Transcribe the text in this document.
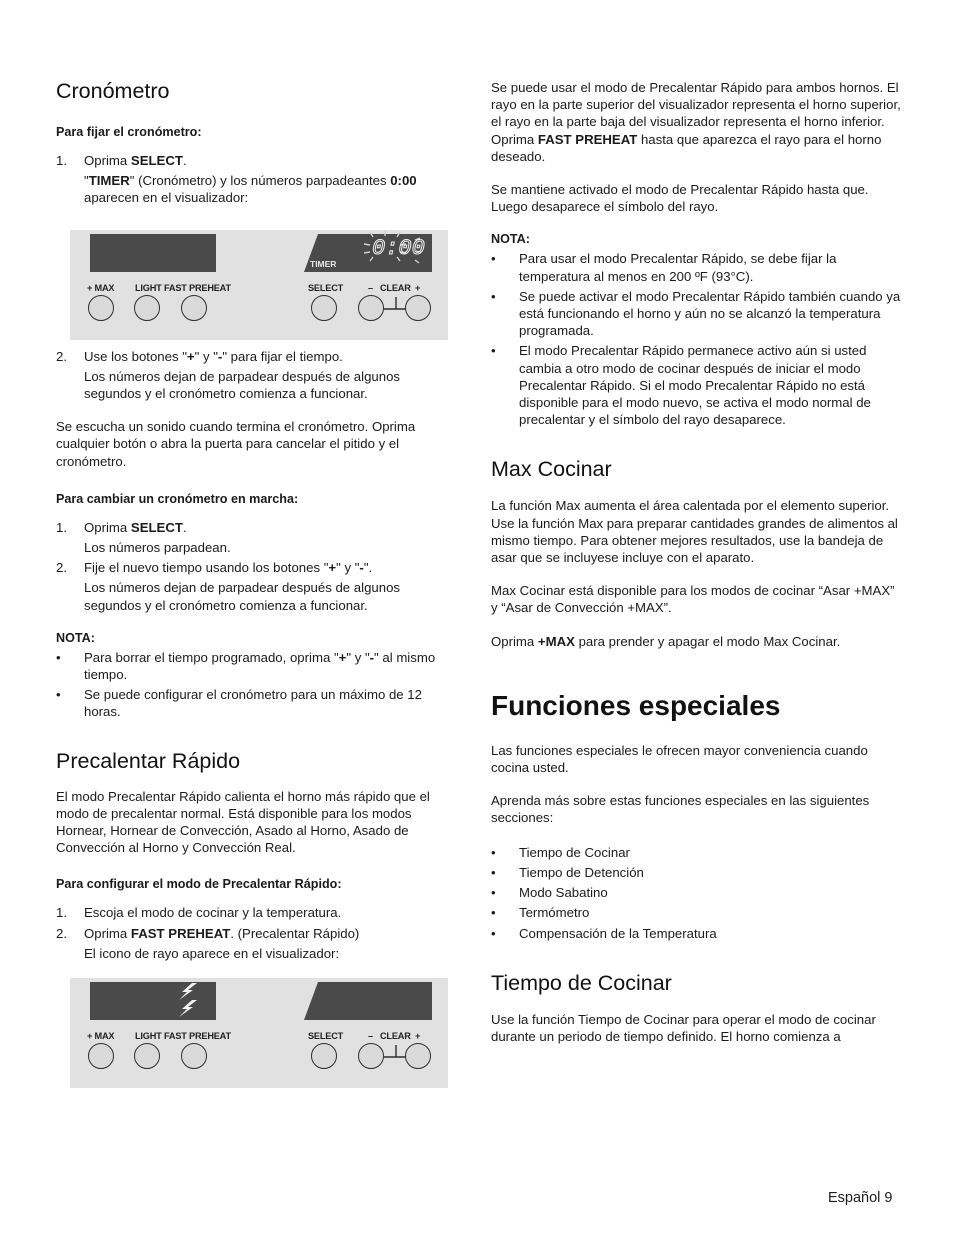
Cronómetro
Para fijar el cronómetro:
1. Oprima SELECT.
"TIMER" (Cronómetro) y los números parpadeantes 0:00 aparecen en el visualizador:
TIMER
0:00
+ MAX LIGHT FAST PREHEAT	SELECT	– CLEAR +
2. Use los botones "+" y "-" para fijar el tiempo.
Los números dejan de parpadear después de algunos segundos y el cronómetro comienza a funcionar.

Se escucha un sonido cuando termina el cronómetro. Oprima cualquier botón o abra la puerta para cancelar el pitido y el cronómetro.

Para cambiar un cronómetro en marcha:
1. Oprima SELECT.
Los números parpadean.
2. Fije el nuevo tiempo usando los botones "+" y "-".
Los números dejan de parpadear después de algunos segundos y el cronómetro comienza a funcionar.
NOTA:
• Para borrar el tiempo programado, oprima "+" y "-" al mismo tiempo.
• Se puede configurar el cronómetro para un máximo de 12 horas.
Precalentar Rápido

El modo Precalentar Rápido calienta el horno más rápido que el modo de precalentar normal. Está disponible para los modos Hornear, Hornear de Convección, Asado al Horno, Asado de Convección al Horno y Convección Real.

Para configurar el modo de Precalentar Rápido:
1. Escoja el modo de cocinar y la temperatura.
2. Oprima FAST PREHEAT. (Precalentar Rápido)
El icono de rayo aparece en el visualizador:
+ MAX LIGHT FAST PREHEAT	SELECT	– CLEAR +

Se puede usar el modo de Precalentar Rápido para ambos hornos. El rayo en la parte superior del visualizador representa el horno superior, el rayo en la parte baja del visualizador representa el horno inferior. Oprima FAST PREHEAT hasta que aparezca el rayo para el horno deseado.

Se mantiene activado el modo de Precalentar Rápido hasta que. Luego desaparece el símbolo del rayo.

NOTA:
• Para usar el modo Precalentar Rápido, se debe fijar la temperatura al menos en 200 ºF (93°C).
• Se puede activar el modo Precalentar Rápido también cuando ya está funcionando el horno y aún no se alcanzó la temperatura programada.
• El modo Precalentar Rápido permanece activo aún si usted cambia a otro modo de cocinar después de iniciar el modo Precalentar Rápido. Si el modo Precalentar Rápido no está disponible para el modo nuevo, se activa el modo normal de precalentar y el símbolo del rayo desaparece.
Max Cocinar

La función Max aumenta el área calentada por el elemento superior. Use la función Max para preparar cantidades grandes de alimentos al mismo tiempo. Para obtener mejores resultados, use la bandeja de asar que se incluyese incluye con el aparato.

Max Cocinar está disponible para los modos de cocinar “Asar +MAX” y “Asar de Convección +MAX”.

Oprima +MAX para prender y apagar el modo Max Cocinar.

Funciones especiales

Las funciones especiales le ofrecen mayor conveniencia cuando cocina usted.

Aprenda más sobre estas funciones especiales en las siguientes secciones:

• Tiempo de Cocinar
• Tiempo de Detención
• Modo Sabatino
• Termómetro
• Compensación de la Temperatura
Tiempo de Cocinar

Use la función Tiempo de Cocinar para operar el modo de cocinar durante un periodo de tiempo definido. El horno comienza a

Español 9
